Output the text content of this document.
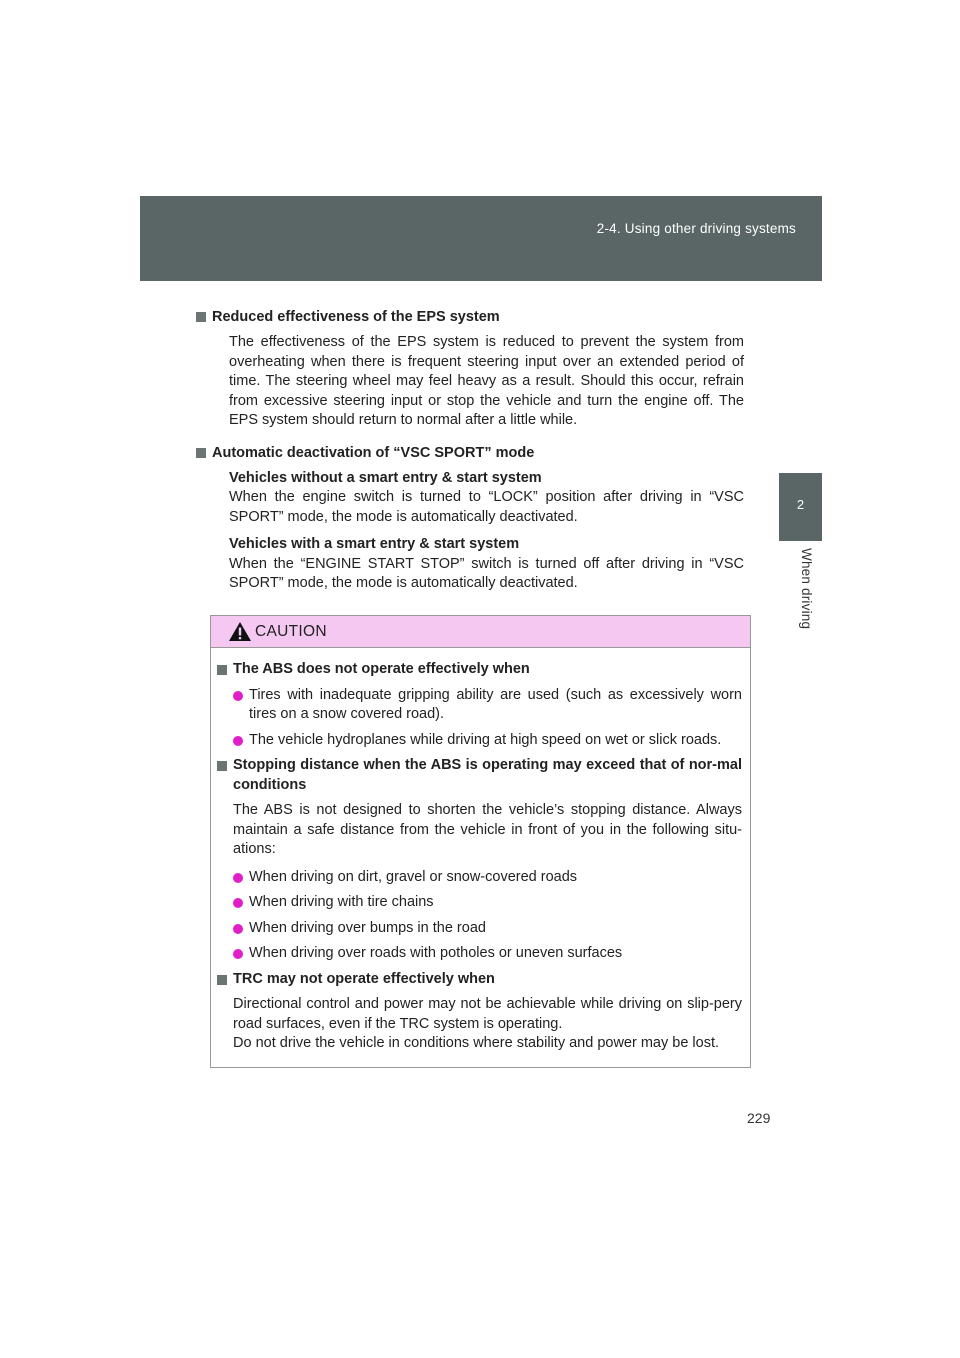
2-4. Using other driving systems
2
When driving
Reduced effectiveness of the EPS system

The effectiveness of the EPS system is reduced to prevent the system from overheating when there is frequent steering input over an extended period of time. The steering wheel may feel heavy as a result. Should this occur, refrain from excessive steering input or stop the vehicle and turn the engine off. The EPS system should return to normal after a little while.

Automatic deactivation of “VSC SPORT” mode

Vehicles without a smart entry & start system

When the engine switch is turned to “LOCK” position after driving in “VSC SPORT” mode, the mode is automatically deactivated.

Vehicles with a smart entry & start system

When the “ENGINE START STOP” switch is turned off after driving in “VSC SPORT” mode, the mode is automatically deactivated.

CAUTION
The ABS does not operate effectively when
Tires with inadequate gripping ability are used (such as excessively worn tires on a snow covered road).
The vehicle hydroplanes while driving at high speed on wet or slick roads.
Stopping distance when the ABS is operating may exceed that of nor-mal conditions

The ABS is not designed to shorten the vehicle’s stopping distance. Always maintain a safe distance from the vehicle in front of you in the following situ-ations:

When driving on dirt, gravel or snow-covered roads
When driving with tire chains
When driving over bumps in the road
When driving over roads with potholes or uneven surfaces
TRC may not operate effectively when

Directional control and power may not be achievable while driving on slip-pery road surfaces, even if the TRC system is operating.

Do not drive the vehicle in conditions where stability and power may be lost.

229
